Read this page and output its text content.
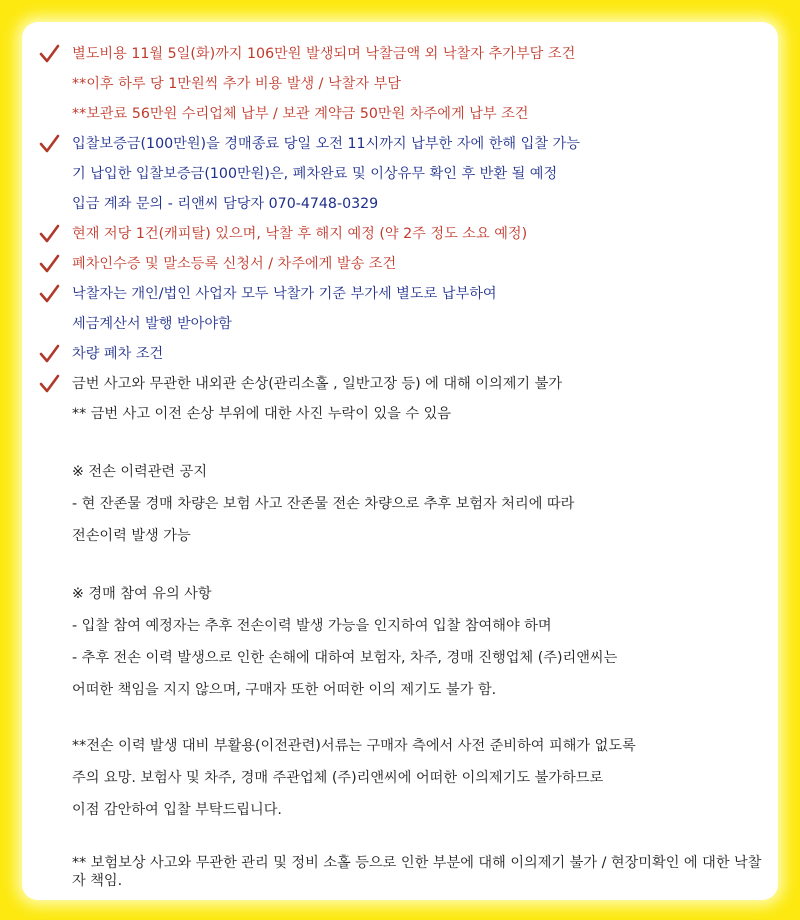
별도비용 11월 5일(화)까지 106만원 발생되며 낙찰금액 외 낙찰자 추가부담 조건
**이후 하루 당 1만원씩 추가 비용 발생 / 낙찰자 부담
**보관료 56만원 수리업체 납부 / 보관 계약금 50만원 차주에게 납부 조건
입찰보증금(100만원)을 경매종료 당일 오전 11시까지 납부한 자에 한해 입찰 가능
기 납입한 입찰보증금(100만원)은, 폐차완료 및 이상유무 확인 후 반환 될 예정
입금 계좌 문의 - 리앤씨 담당자 070-4748-0329
현재 저당 1건(캐피탈) 있으며, 낙찰 후 해지 예정 (약 2주 정도 소요 예정)
폐차인수증 및 말소등록 신청서 / 차주에게 발송 조건
낙찰자는 개인/법인 사업자 모두 낙찰가 기준 부가세 별도로 납부하여
세금계산서 발행 받아야함
차량 폐차 조건
금번 사고와 무관한 내외관 손상(관리소홀 , 일반고장 등) 에 대해 이의제기 불가
** 금번 사고 이전 손상 부위에 대한 사진 누락이 있을 수 있음
※ 전손 이력관련 공지
- 현 잔존물 경매 차량은 보험 사고 잔존물 전손 차량으로 추후 보험자 처리에 따라
전손이력 발생 가능
※ 경매 참여 유의 사항
- 입찰 참여 예정자는 추후 전손이력 발생 가능을 인지하여 입찰 참여해야 하며
- 추후 전손 이력 발생으로 인한 손해에 대하여 보험자, 차주, 경매 진행업체 (주)리앤씨는
어떠한 책임을 지지 않으며, 구매자 또한 어떠한 이의 제기도 불가 함.
**전손 이력 발생 대비 부활용(이전관련)서류는 구매자 측에서 사전 준비하여 피해가 없도록
주의 요망. 보험사 및 차주, 경매 주관업체 (주)리앤씨에 어떠한 이의제기도 불가하므로
이점 감안하여 입찰 부탁드립니다.
** 보험보상 사고와 무관한 관리 및 정비 소홀 등으로 인한 부분에 대해 이의제기 불가 / 현장미확인 에 대한 낙찰자 책임.
